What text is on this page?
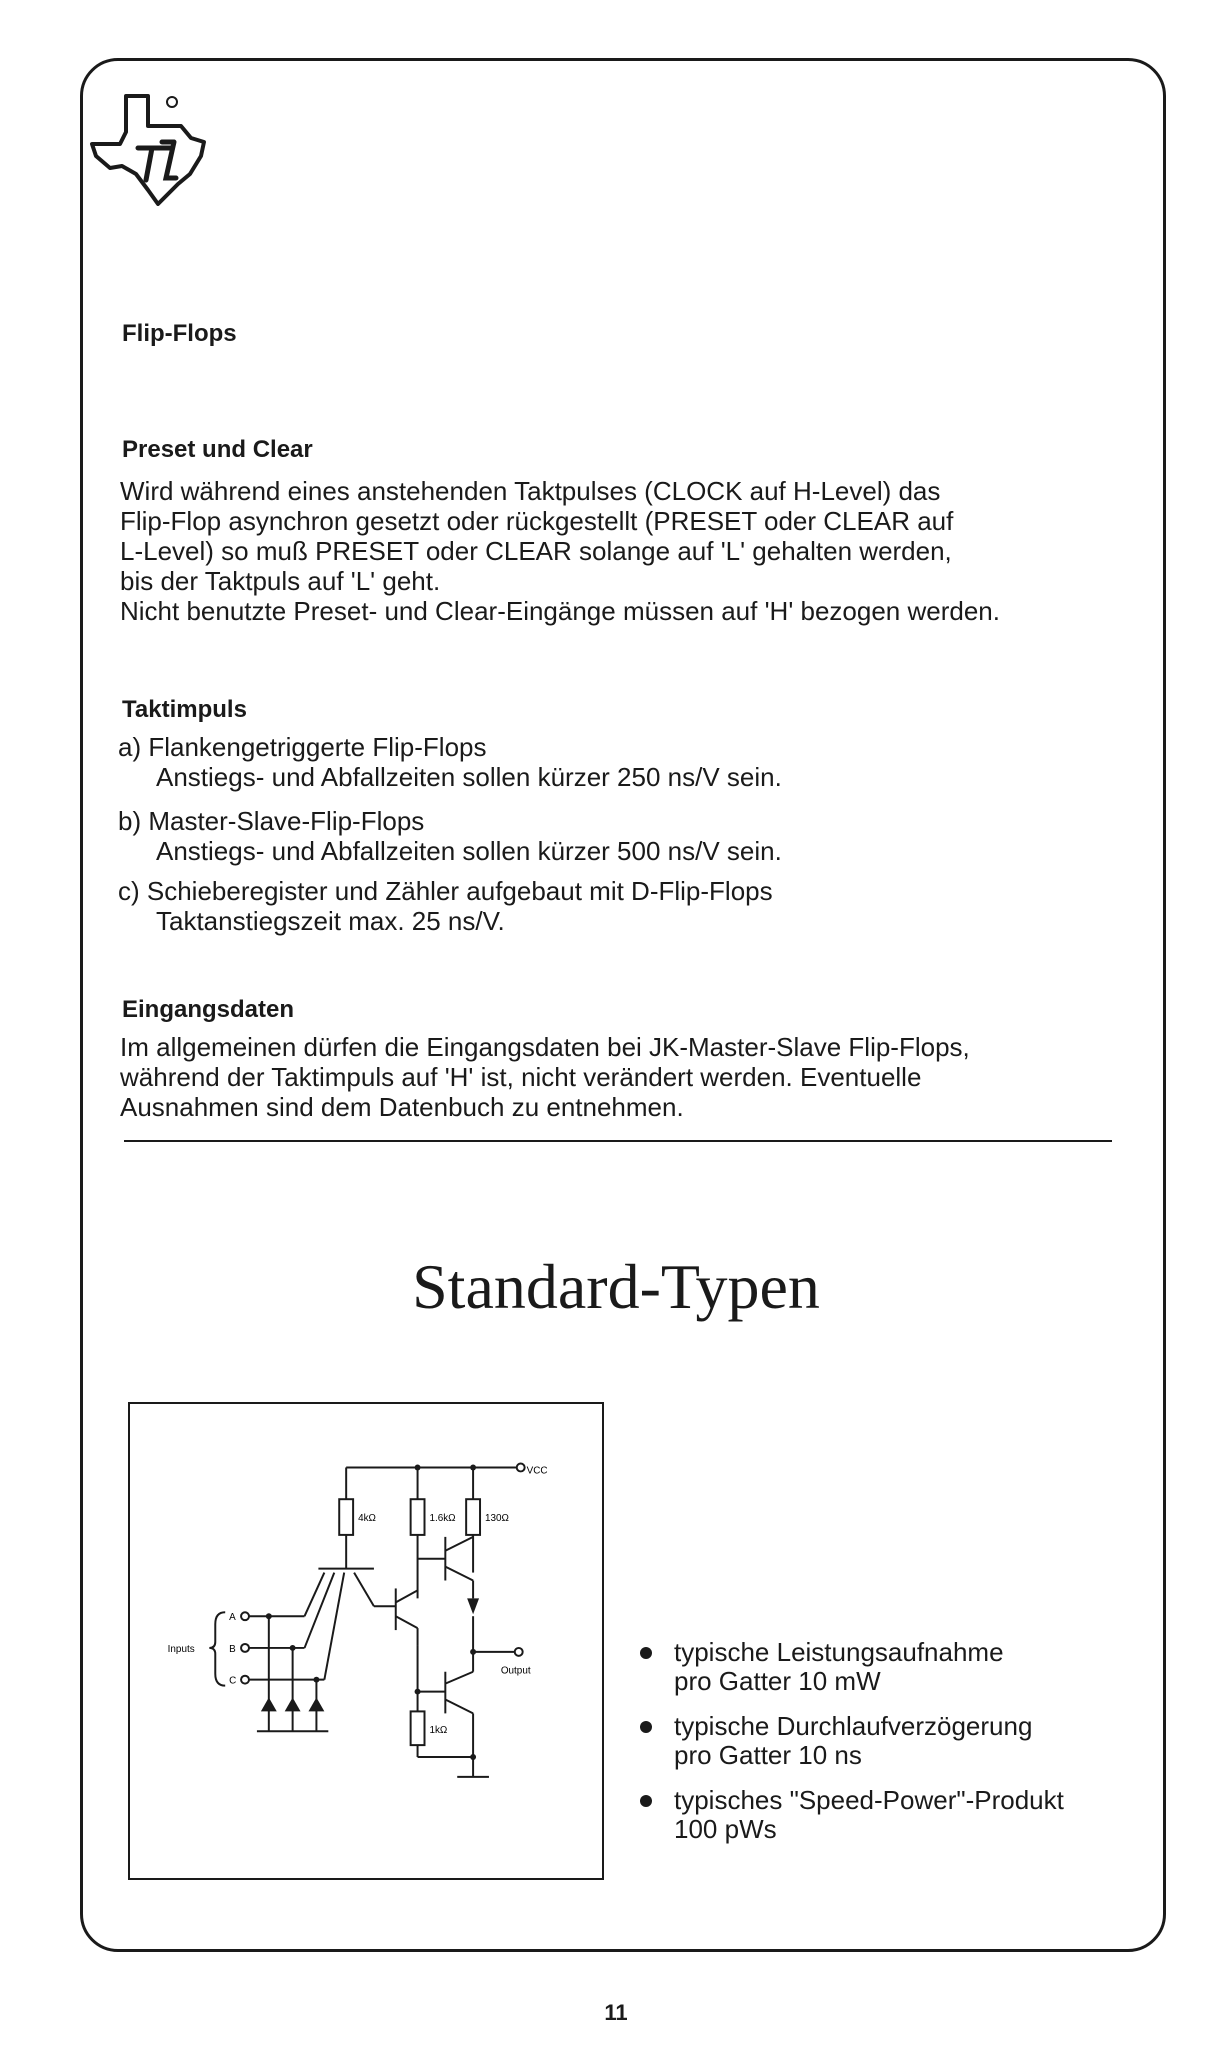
Flip-Flops
Preset und Clear

Wird während eines anstehenden Taktpulses (CLOCK auf H-Level) das
Flip-Flop asynchron gesetzt oder rückgestellt (PRESET oder CLEAR auf
L-Level) so muß PRESET oder CLEAR solange auf 'L' gehalten werden,
bis der Taktpuls auf 'L' geht.
Nicht benutzte Preset- und Clear-Eingänge müssen auf 'H' bezogen werden.

Taktimpuls
a) Flankengetriggerte Flip-Flops
Anstiegs- und Abfallzeiten sollen kürzer 250 ns/V sein.
b) Master-Slave-Flip-Flops
Anstiegs- und Abfallzeiten sollen kürzer 500 ns/V sein.
c) Schieberegister und Zähler aufgebaut mit D-Flip-Flops
Taktanstiegszeit max. 25 ns/V.
Eingangsdaten

Im allgemeinen dürfen die Eingangsdaten bei JK-Master-Slave Flip-Flops,
während der Taktimpuls auf 'H' ist, nicht verändert werden. Eventuelle
Ausnahmen sind dem Datenbuch zu entnehmen.

Standard-Typen
VCC
4kΩ	1.6kΩ	130Ω
1kΩ
Inputs
A
B
C
Output
typische Leistungsaufnahme
pro Gatter 10 mW
typische Durchlaufverzögerung
pro Gatter 10 ns
typisches "Speed-Power"-Produkt
100 pWs
11
